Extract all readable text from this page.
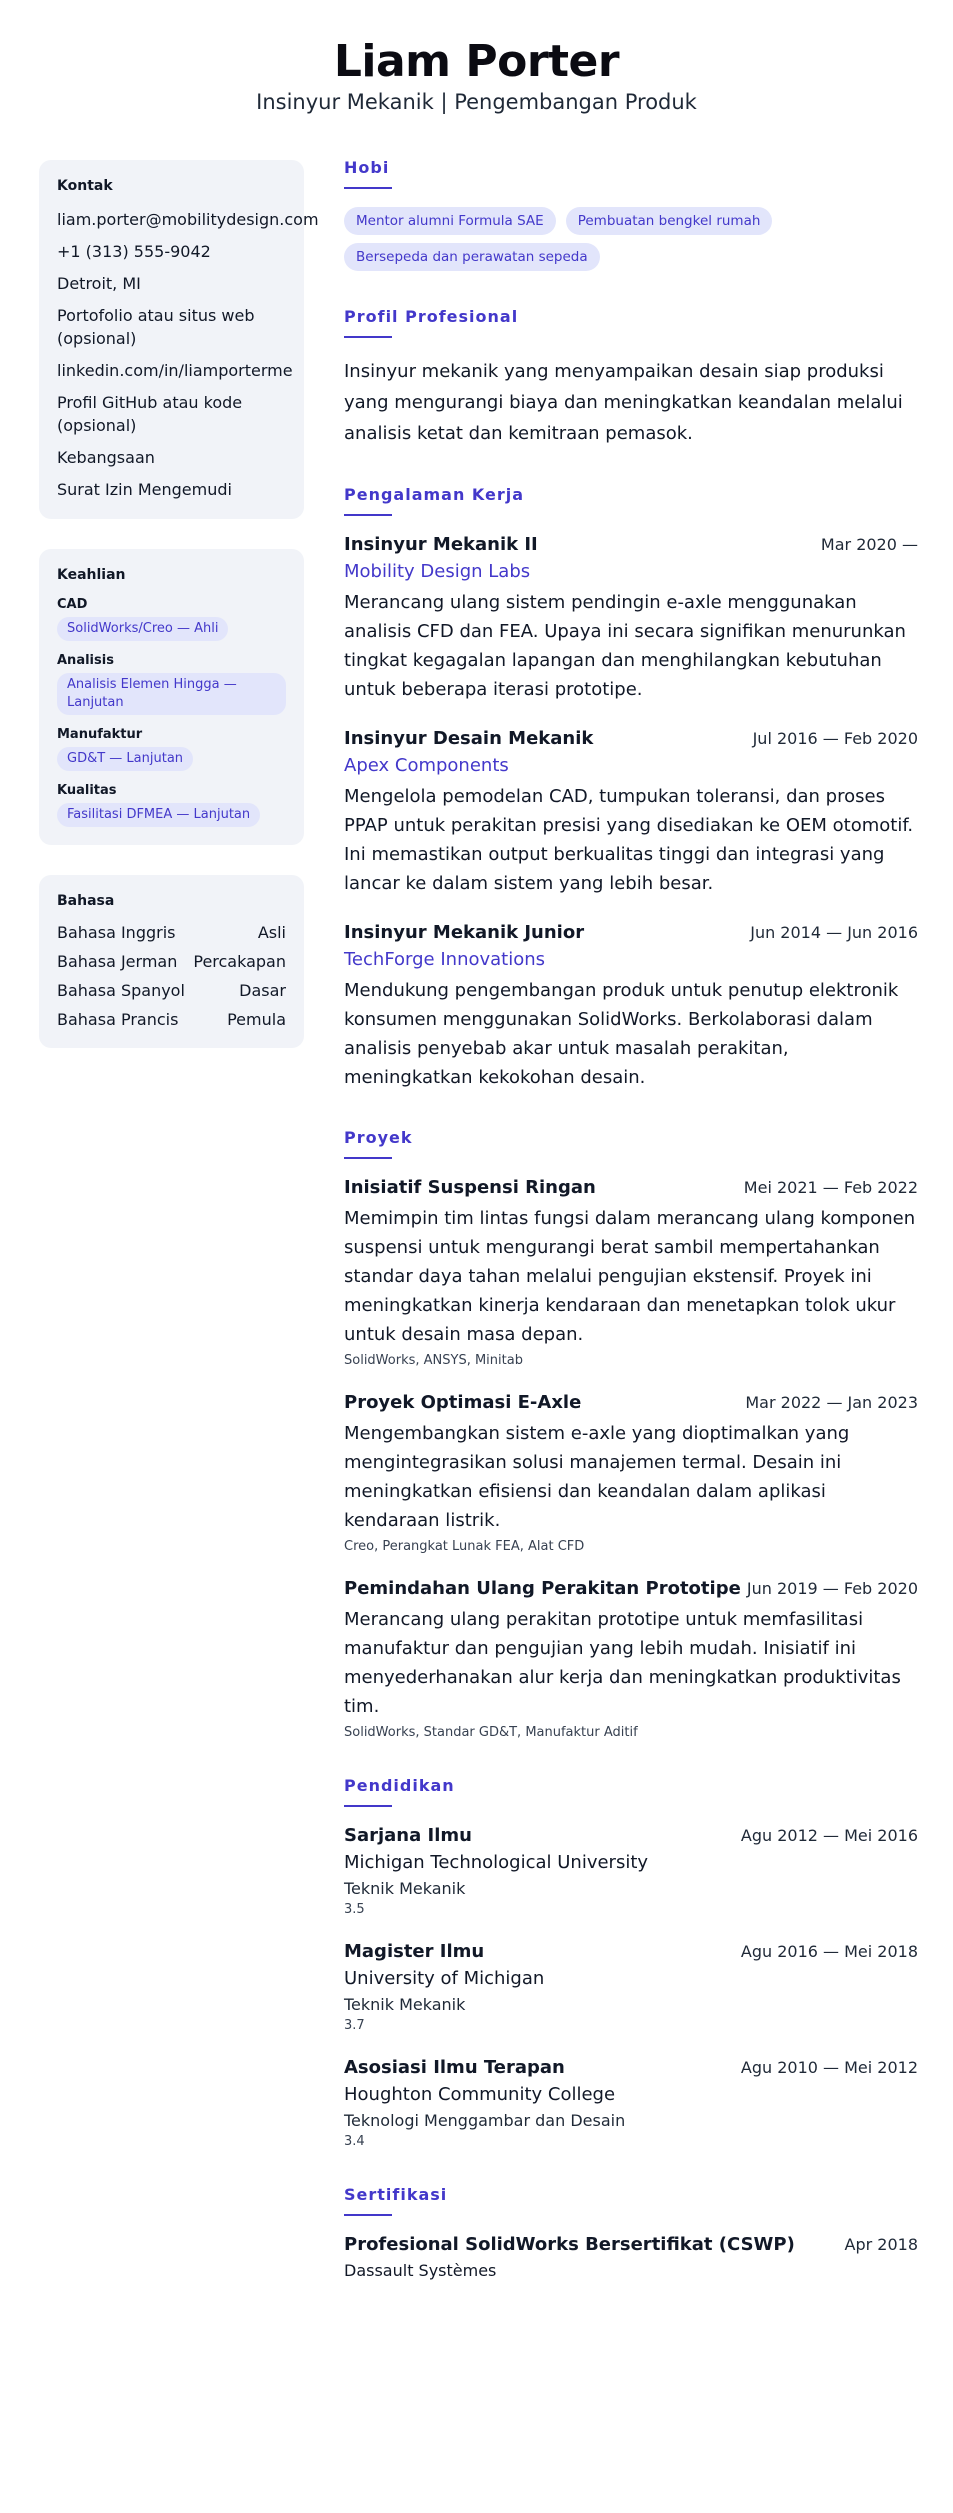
Liam Porter
Insinyur Mekanik | Pengembangan Produk
Kontak
liam.porter@mobilitydesign.com
+1 (313) 555-9042
Detroit, MI
Portofolio atau situs web (opsional)
linkedin.com/in/liamporterme
Profil GitHub atau kode (opsional)
Kebangsaan
Surat Izin Mengemudi
Keahlian
CAD
SolidWorks/Creo — Ahli
Analisis
Analisis Elemen Hingga — Lanjutan
Manufaktur
GD&T — Lanjutan
Kualitas
Fasilitasi DFMEA — Lanjutan
Bahasa
Bahasa Inggris	Asli
Bahasa Jerman Percakapan
Bahasa Spanyol	Dasar
Bahasa Prancis	Pemula
Hobi
Mentor alumni Formula SAE	Pembuatan bengkel rumah
Bersepeda dan perawatan sepeda
Profil Profesional

Insinyur mekanik yang menyampaikan desain siap produksi yang mengurangi biaya dan meningkatkan keandalan melalui analisis ketat dan kemitraan pemasok.

Pengalaman Kerja
Insinyur Mekanik II	Mar 2020 —
Mobility Design Labs

Merancang ulang sistem pendingin e-axle menggunakan analisis CFD dan FEA. Upaya ini secara signifikan menurunkan tingkat kegagalan lapangan dan menghilangkan kebutuhan untuk beberapa iterasi prototipe.

Insinyur Desain Mekanik	Jul 2016 — Feb 2020
Apex Components

Mengelola pemodelan CAD, tumpukan toleransi, dan proses PPAP untuk perakitan presisi yang disediakan ke OEM otomotif. Ini memastikan output berkualitas tinggi dan integrasi yang lancar ke dalam sistem yang lebih besar.

Insinyur Mekanik Junior	Jun 2014 — Jun 2016
TechForge Innovations

Mendukung pengembangan produk untuk penutup elektronik konsumen menggunakan SolidWorks. Berkolaborasi dalam analisis penyebab akar untuk masalah perakitan, meningkatkan kekokohan desain.

Proyek
Inisiatif Suspensi Ringan	Mei 2021 — Feb 2022

Memimpin tim lintas fungsi dalam merancang ulang komponen suspensi untuk mengurangi berat sambil mempertahankan standar daya tahan melalui pengujian ekstensif. Proyek ini meningkatkan kinerja kendaraan dan menetapkan tolok ukur untuk desain masa depan.

SolidWorks, ANSYS, Minitab
Proyek Optimasi E-Axle	Mar 2022 — Jan 2023

Mengembangkan sistem e-axle yang dioptimalkan yang mengintegrasikan solusi manajemen termal. Desain ini meningkatkan efisiensi dan keandalan dalam aplikasi kendaraan listrik.

Creo, Perangkat Lunak FEA, Alat CFD
Pemindahan Ulang Perakitan Prototipe Jun 2019 — Feb 2020

Merancang ulang perakitan prototipe untuk memfasilitasi manufaktur dan pengujian yang lebih mudah. Inisiatif ini menyederhanakan alur kerja dan meningkatkan produktivitas tim.

SolidWorks, Standar GD&T, Manufaktur Aditif
Pendidikan
Sarjana Ilmu	Agu 2012 — Mei 2016
Michigan Technological University
Teknik Mekanik
3.5
Magister Ilmu	Agu 2016 — Mei 2018
University of Michigan
Teknik Mekanik
3.7
Asosiasi Ilmu Terapan	Agu 2010 — Mei 2012
Houghton Community College
Teknologi Menggambar dan Desain
3.4
Sertifikasi
Profesional SolidWorks Bersertifikat (CSWP)	Apr 2018
Dassault Systèmes
